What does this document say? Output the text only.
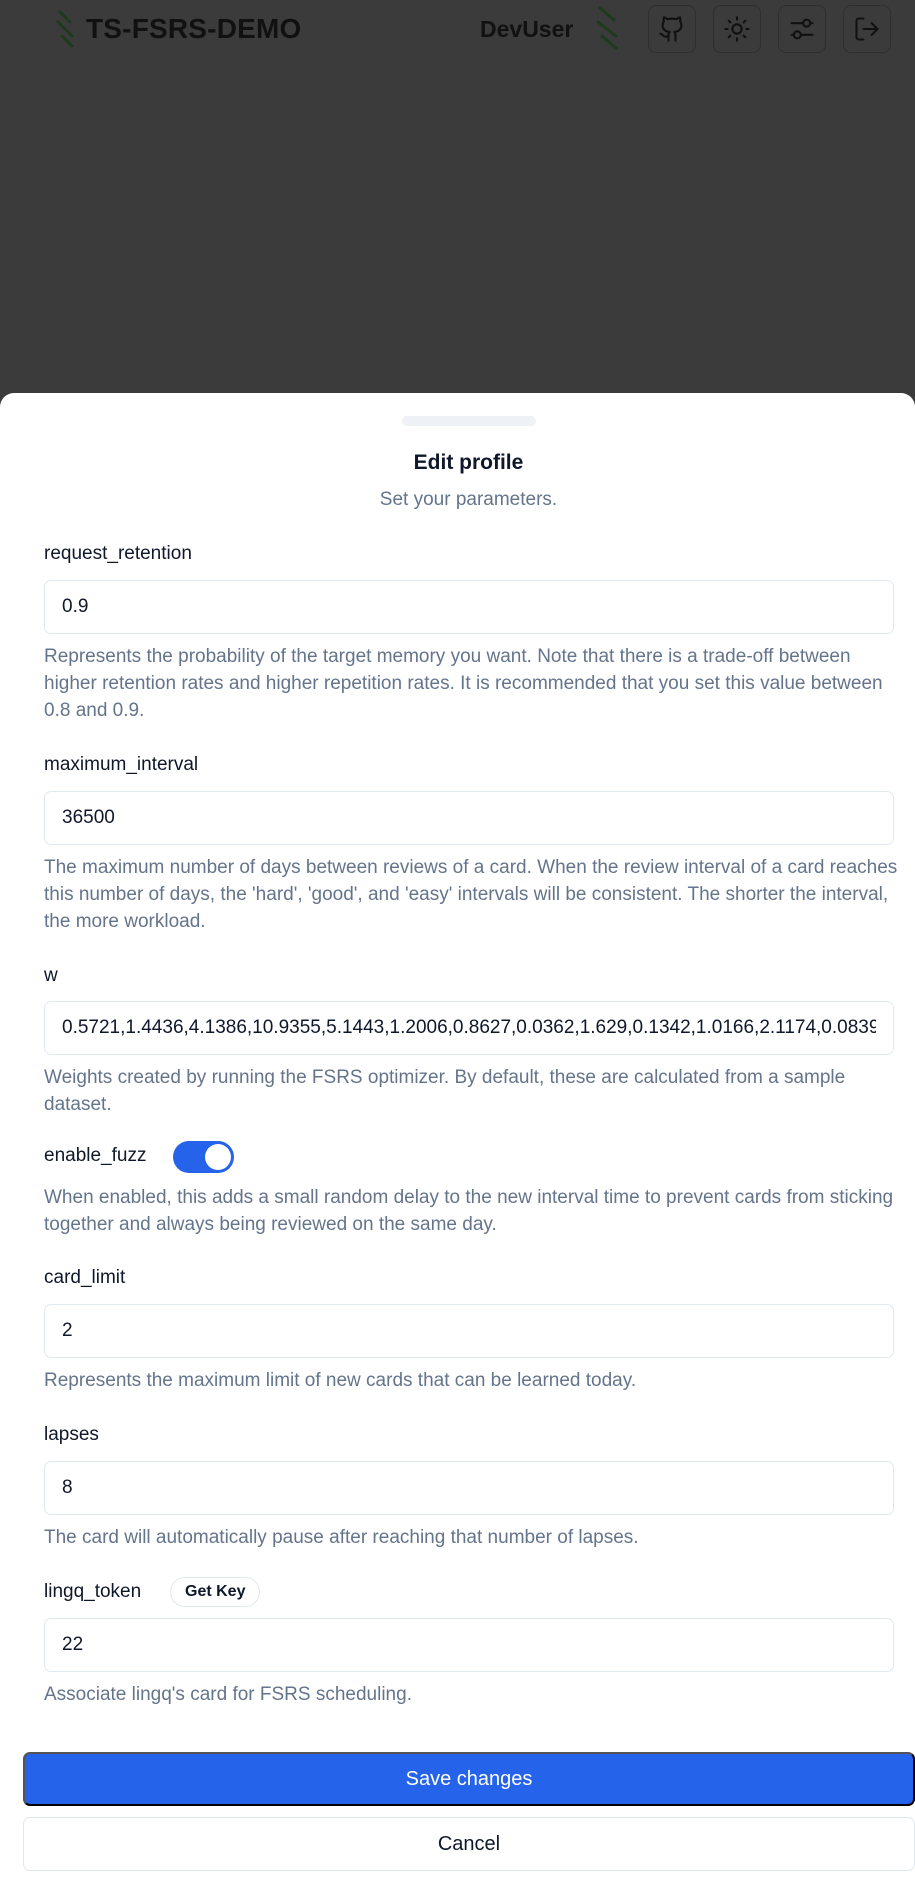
TS-FSRS-DEMO	DevUser
Edit profile
Set your parameters.
request_retention
0.9
Represents the probability of the target memory you want. Note that there is a trade-off between higher retention rates and higher repetition rates. It is recommended that you set this value between 0.8 and 0.9.
maximum_interval
36500
The maximum number of days between reviews of a card. When the review interval of a card reaches this number of days, the 'hard', 'good', and 'easy' intervals will be consistent. The shorter the interval, the more workload.
w
0.5721,1.4436,4.1386,10.9355,5.1443,1.2006,0.8627,0.0362,1.629,0.1342,1.0166,2.1174,0.0839
Weights created by running the FSRS optimizer. By default, these are calculated from a sample dataset.
enable_fuzz
When enabled, this adds a small random delay to the new interval time to prevent cards from sticking together and always being reviewed on the same day.
card_limit
2
Represents the maximum limit of new cards that can be learned today.
lapses
8
The card will automatically pause after reaching that number of lapses.
lingq_token	Get Key
22
Associate lingq's card for FSRS scheduling.
Save changes
Cancel
